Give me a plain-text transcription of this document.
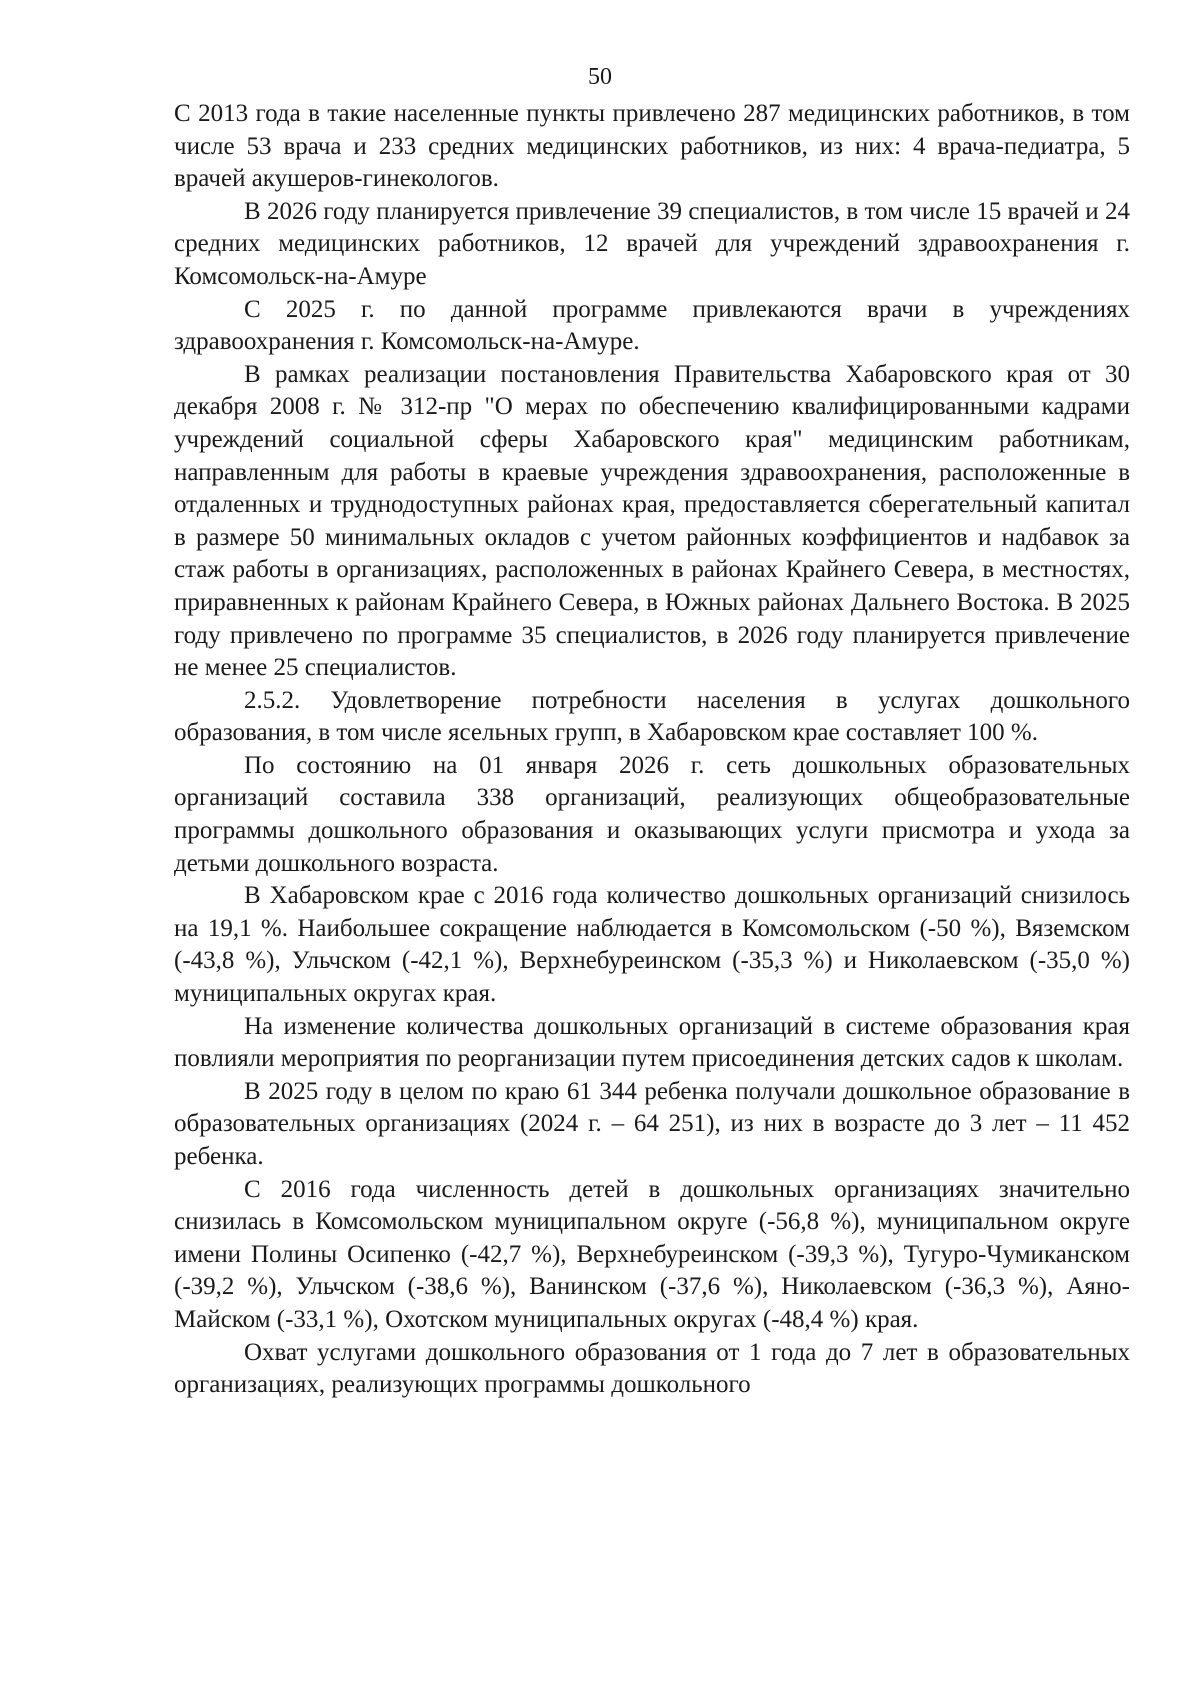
50

С 2013 года в такие населенные пункты привлечено 287 медицинских работников, в том числе 53 врача и 233 средних медицинских работников, из них: 4 врача-педиатра, 5 врачей акушеров-гинекологов.

В 2026 году планируется привлечение 39 специалистов, в том числе 15 врачей и 24 средних медицинских работников, 12 врачей для учреждений здравоохранения г. Комсомольск-на-Амуре

С 2025 г. по данной программе привлекаются врачи в учреждениях здравоохранения г. Комсомольск-на-Амуре.

В рамках реализации постановления Правительства Хабаровского края от 30 декабря 2008 г. № 312-пр "О мерах по обеспечению квалифицированными кадрами учреждений социальной сферы Хабаровского края" медицинским работникам, направленным для работы в краевые учреждения здравоохранения, расположенные в отдаленных и труднодоступных районах края, предоставляется сберегательный капитал в размере 50 минимальных окладов с учетом районных коэффициентов и надбавок за стаж работы в организациях, расположенных в районах Крайнего Севера, в местностях, приравненных к районам Крайнего Севера, в Южных районах Дальнего Востока. В 2025 году привлечено по программе 35 специалистов, в 2026 году планируется привлечение не менее 25 специалистов.

2.5.2. Удовлетворение потребности населения в услугах дошкольного образования, в том числе ясельных групп, в Хабаровском крае составляет 100 %.

По состоянию на 01 января 2026 г. сеть дошкольных образовательных организаций составила 338 организаций, реализующих общеобразовательные программы дошкольного образования и оказывающих услуги присмотра и ухода за детьми дошкольного возраста.

В Хабаровском крае с 2016 года количество дошкольных организаций снизилось на 19,1 %. Наибольшее сокращение наблюдается в Комсомольском (-50 %), Вяземском (-43,8 %), Ульчском (-42,1 %), Верхнебуреинском (-35,3 %) и Николаевском (-35,0 %) муниципальных округах края.

На изменение количества дошкольных организаций в системе образования края повлияли мероприятия по реорганизации путем присоединения детских садов к школам.

В 2025 году в целом по краю 61 344 ребенка получали дошкольное образование в образовательных организациях (2024 г. – 64 251), из них в возрасте до 3 лет – 11 452 ребенка.

С 2016 года численность детей в дошкольных организациях значительно снизилась в Комсомольском муниципальном округе (-56,8 %), муниципальном округе имени Полины Осипенко (-42,7 %), Верхнебуреинском (-39,3 %), Тугуро-Чумиканском (-39,2 %), Ульчском (-38,6 %), Ванинском (-37,6 %), Николаевском (-36,3 %), Аяно-Майском (-33,1 %), Охотском муниципальных округах (-48,4 %) края.

Охват услугами дошкольного образования от 1 года до 7 лет в образовательных организациях, реализующих программы дошкольного
